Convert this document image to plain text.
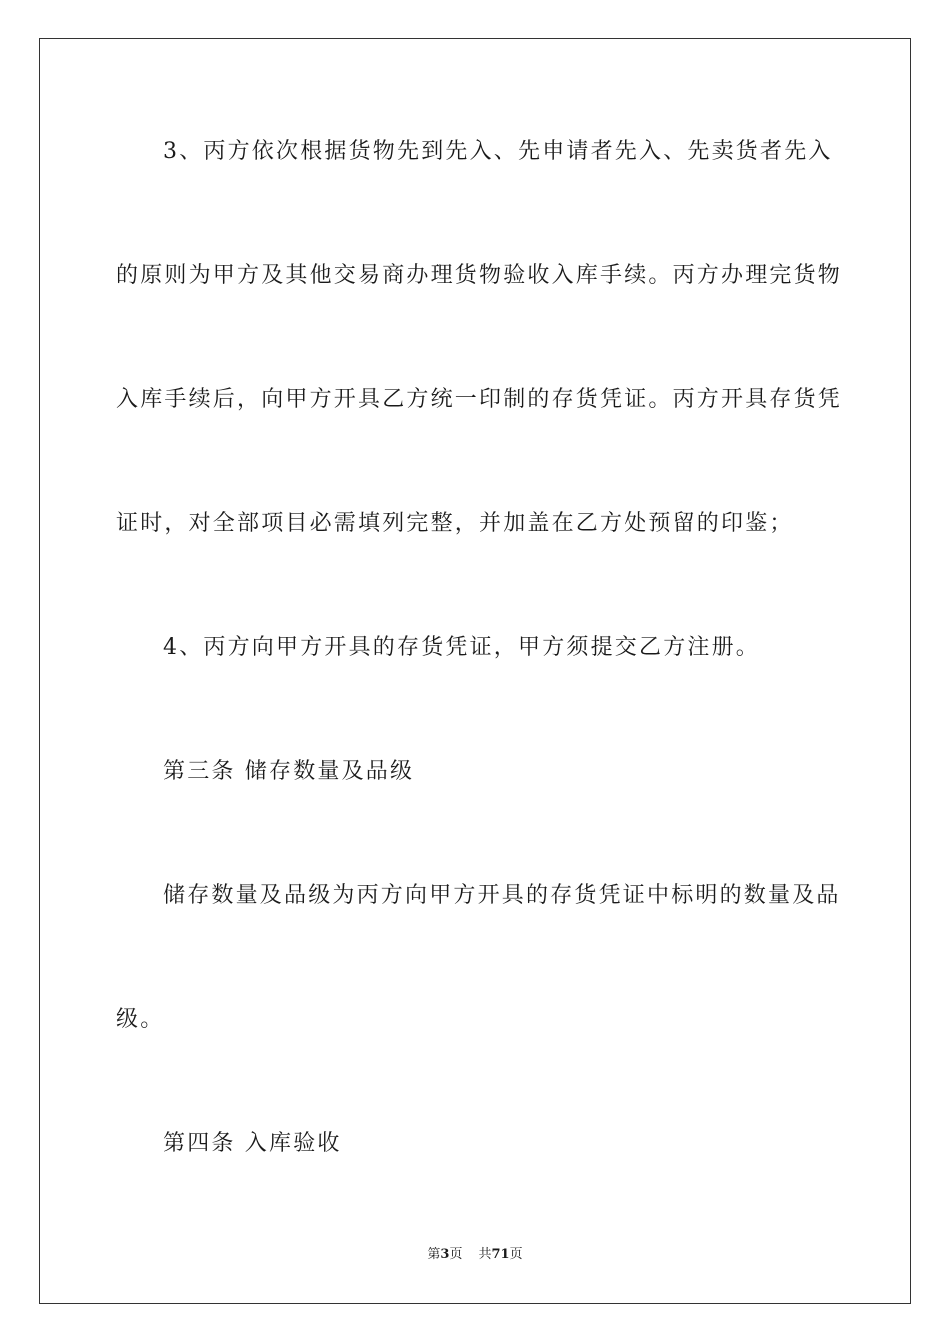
3、丙方依次根据货物先到先入、先申请者先入、先卖货者先入
的原则为甲方及其他交易商办理货物验收入库手续。丙方办理完货物
入库手续后，向甲方开具乙方统一印制的存货凭证。丙方开具存货凭
证时，对全部项目必需填列完整，并加盖在乙方处预留的印鉴；
4、丙方向甲方开具的存货凭证，甲方须提交乙方注册。
第三条 储存数量及品级
储存数量及品级为丙方向甲方开具的存货凭证中标明的数量及品
级。
第四条 入库验收
第3页 共71页
